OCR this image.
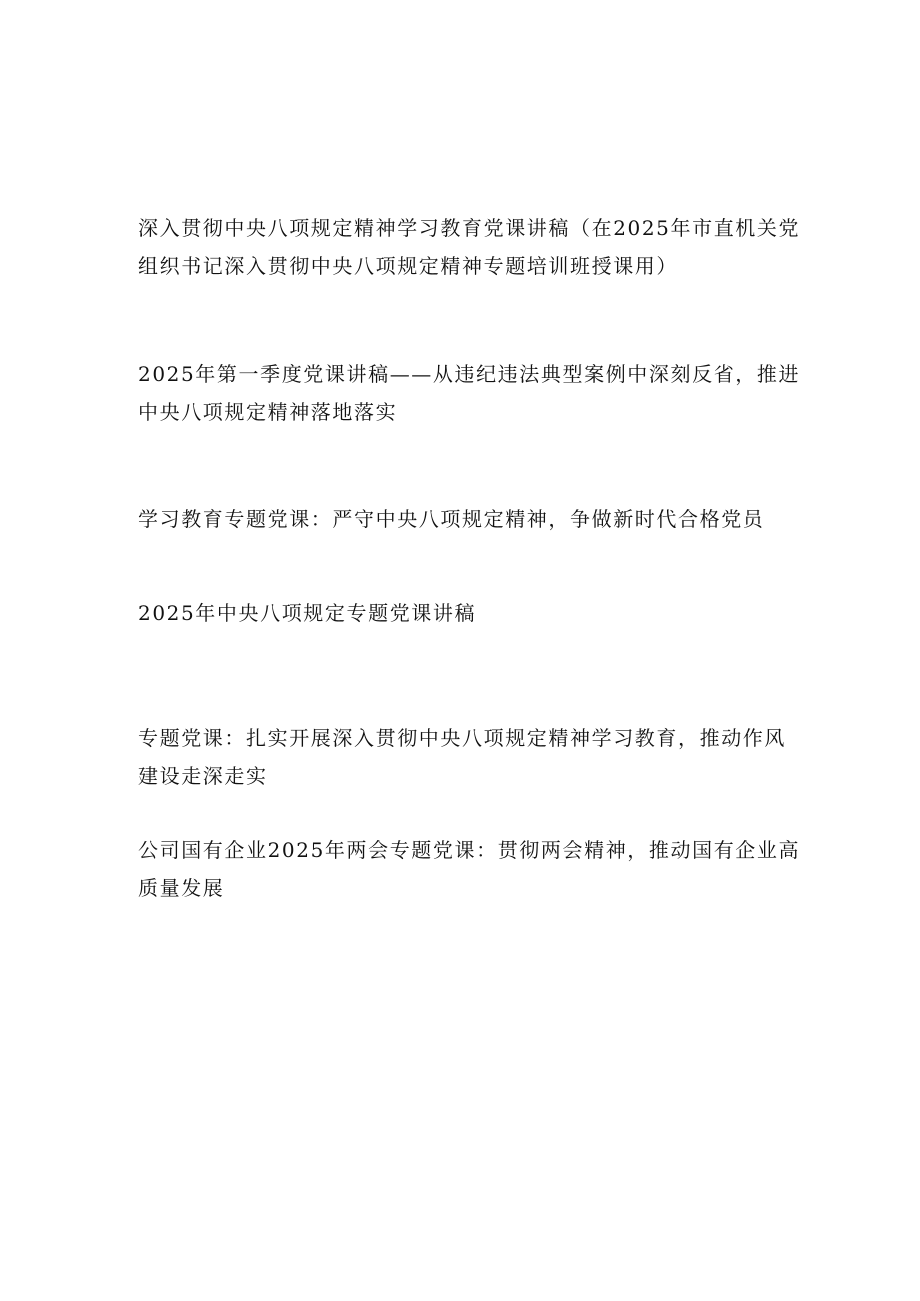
深入贯彻中央八项规定精神学习教育党课讲稿（在2025年市直机关党
组织书记深入贯彻中央八项规定精神专题培训班授课用）

2025年第一季度党课讲稿——从违纪违法典型案例中深刻反省，推进
中央八项规定精神落地落实

学习教育专题党课：严守中央八项规定精神，争做新时代合格党员

2025年中央八项规定专题党课讲稿

专题党课：扎实开展深入贯彻中央八项规定精神学习教育，推动作风
建设走深走实

公司国有企业2025年两会专题党课：贯彻两会精神，推动国有企业高
质量发展
